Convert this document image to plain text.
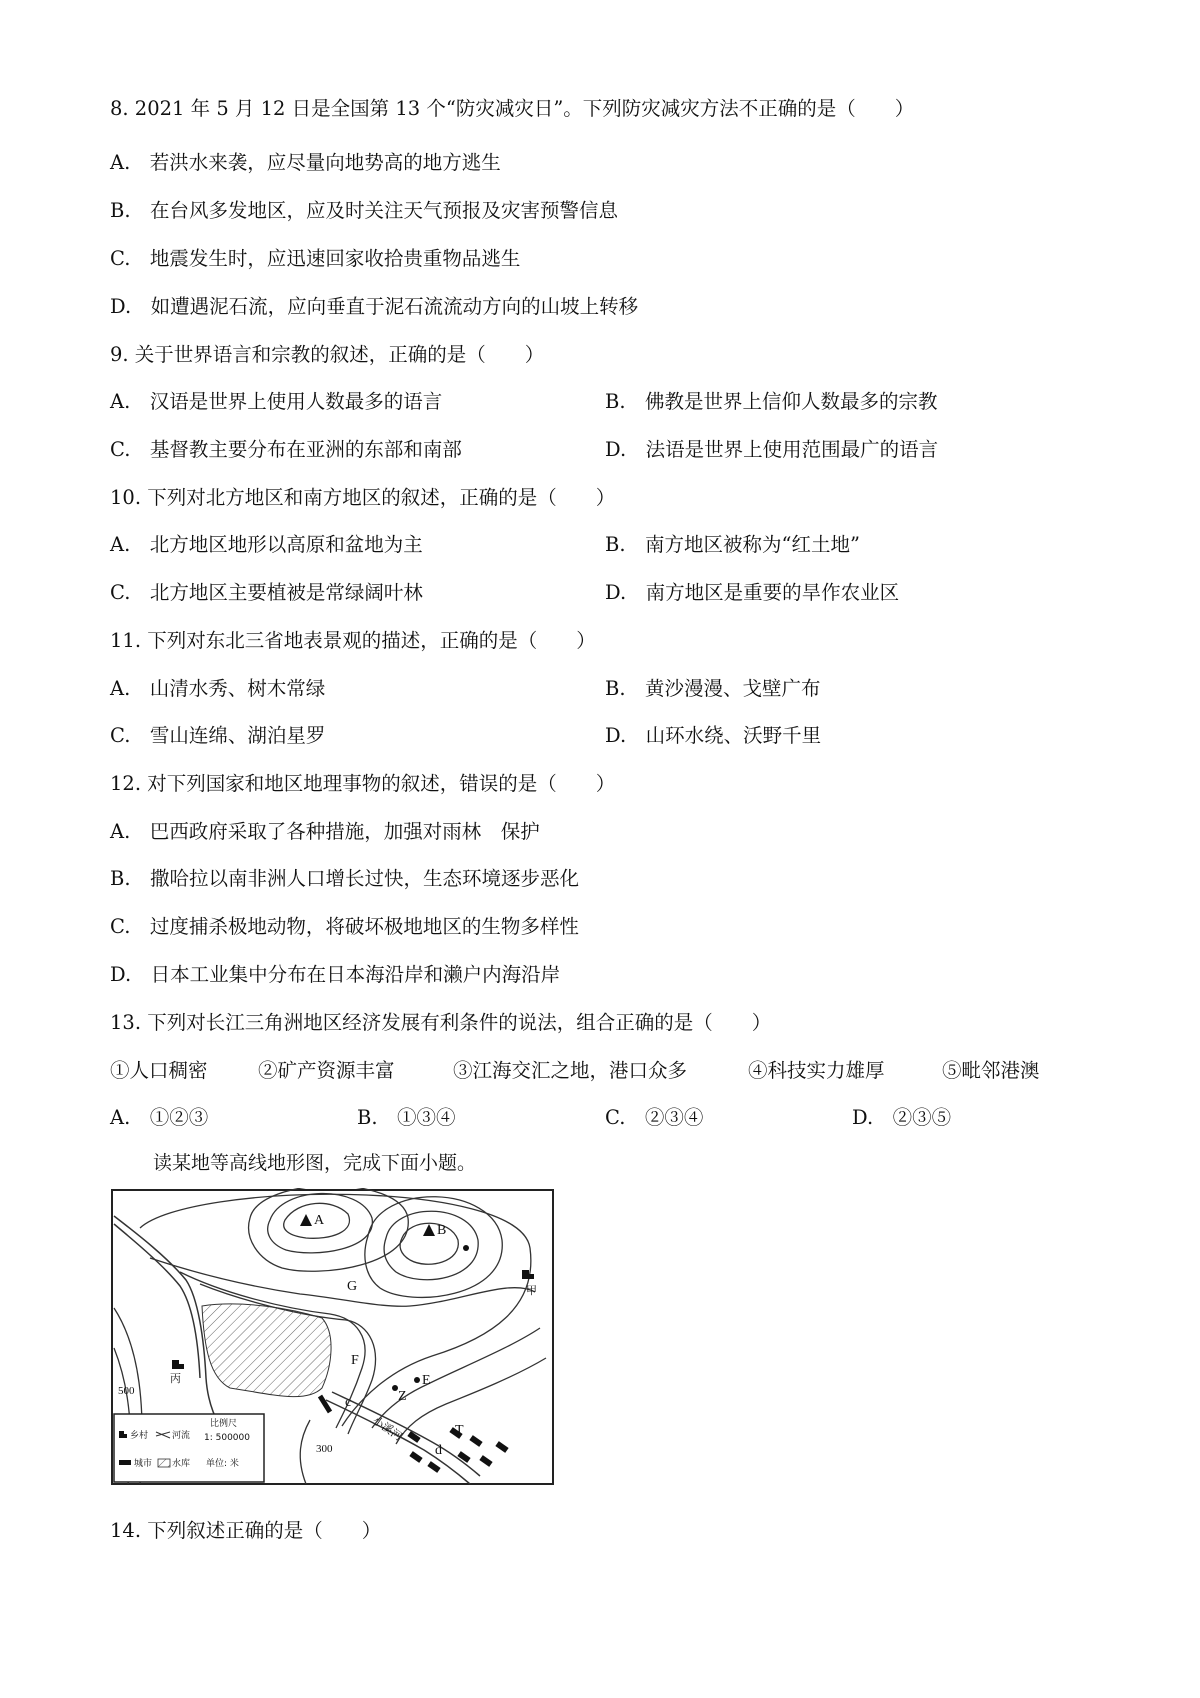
8. 2021 年 5 月 12 日是全国第 13 个“防灾减灾日”。下列防灾减灾方法不正确的是（　　）
A.　若洪水来袭，应尽量向地势高的地方逃生
B.　在台风多发地区，应及时关注天气预报及灾害预警信息
C.　地震发生时，应迅速回家收拾贵重物品逃生
D.　如遭遇泥石流，应向垂直于泥石流流动方向的山坡上转移
9. 关于世界语言和宗教的叙述，正确的是（　　）
A.　汉语是世界上使用人数最多的语言	B.　佛教是世界上信仰人数最多的宗教
C.　基督教主要分布在亚洲的东部和南部	D.　法语是世界上使用范围最广的语言
10. 下列对北方地区和南方地区的叙述，正确的是（　　）
A.　北方地区地形以高原和盆地为主	B.　南方地区被称为“红土地”
C.　北方地区主要植被是常绿阔叶林	D.　南方地区是重要的旱作农业区
11. 下列对东北三省地表景观的描述，正确的是（　　）
A.　山清水秀、树木常绿	B.　黄沙漫漫、戈壁广布
C.　雪山连绵、湖泊星罗	D.　山环水绕、沃野千里
12. 对下列国家和地区地理事物的叙述，错误的是（　　）
A.　巴西政府采取了各种措施，加强对雨林　保护
B.　撒哈拉以南非洲人口增长过快，生态环境逐步恶化
C.　过度捕杀极地动物，将破坏极地地区的生物多样性
D.　日本工业集中分布在日本海沿岸和濑户内海沿岸
13. 下列对长江三角洲地区经济发展有利条件的说法，组合正确的是（　　）
①人口稠密	②矿产资源丰富	③江海交汇之地，港口众多	④科技实力雄厚	⑤毗邻港澳
A.　①②③	B.　①③④	C.　②③④	D.　②③⑤
读某地等高线地形图，完成下面小题。
A
B
G
F
E
Z
c
d
T
甲
丙
小溪河
500
300
乡村	河流
城市 水库
比例尺
1: 500000
单位: 米
14. 下列叙述正确的是（　　）
